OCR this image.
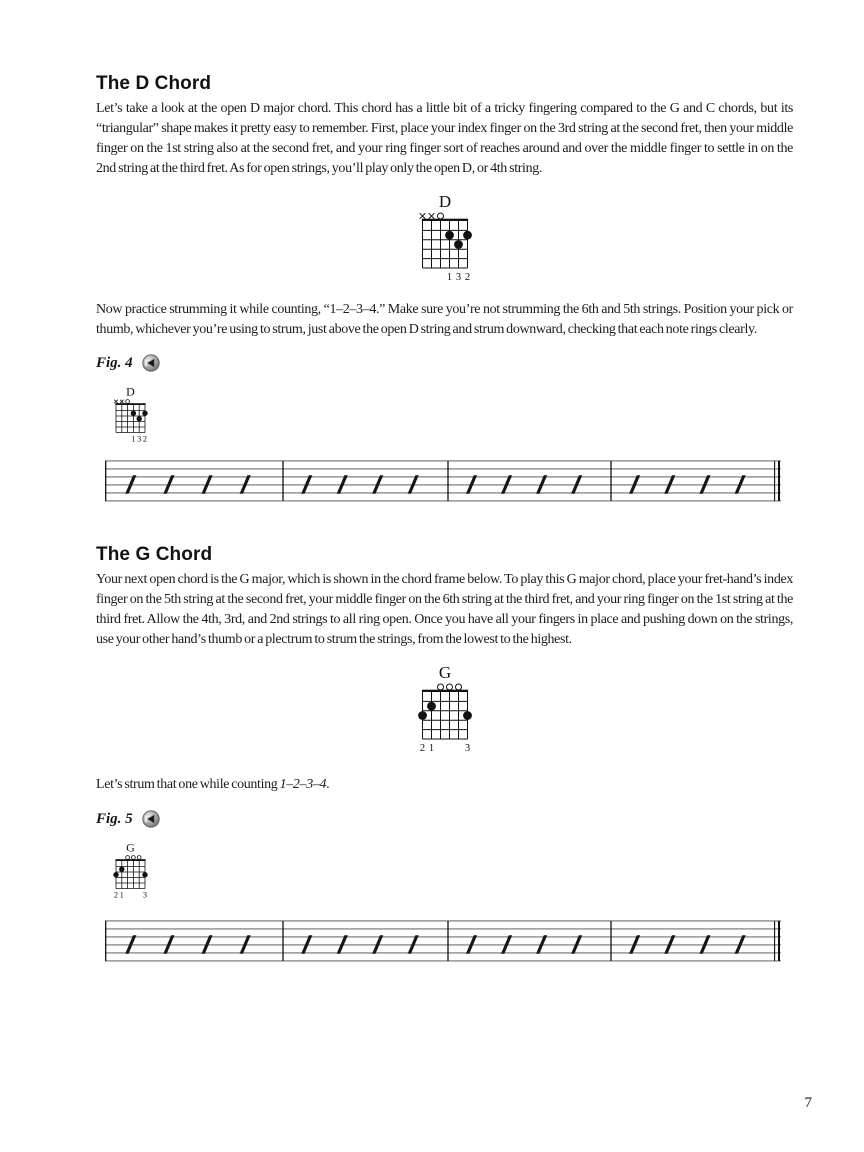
The D Chord

Let’s take a look at the open D major chord. This chord has a little bit of a tricky fingering compared to the G and C chords, but its “triangular” shape makes it pretty easy to remember. First, place your index finger on the 3rd string at the second fret, then your middle finger on the 1st string also at the second fret, and your ring finger sort of reaches around and over the middle finger to settle in on the 2nd string at the third fret. As for open strings, you’ll play only the open D, or 4th string.

D
1 3 2

Now practice strumming it while counting, “1–2–3–4.” Make sure you’re not strumming the 6th and 5th strings. Position your pick or thumb, whichever you’re using to strum, just above the open D string and strum downward, checking that each note rings clearly.

Fig. 4
D
1 3 2
The G Chord

Your next open chord is the G major, which is shown in the chord frame below. To play this G major chord, place your fret-hand’s index finger on the 5th string at the second fret, your middle finger on the 6th string at the third fret, and your ring finger on the 1st string at the third fret. Allow the 4th, 3rd, and 2nd strings to all ring open. Once you have all your fingers in place and pushing down on the strings, use your other hand’s thumb or a plectrum to strum the strings, from the lowest to the highest.

G
2 1	3

Let’s strum that one while counting 1–2–3–4.

Fig. 5
G
2 1 3
7
